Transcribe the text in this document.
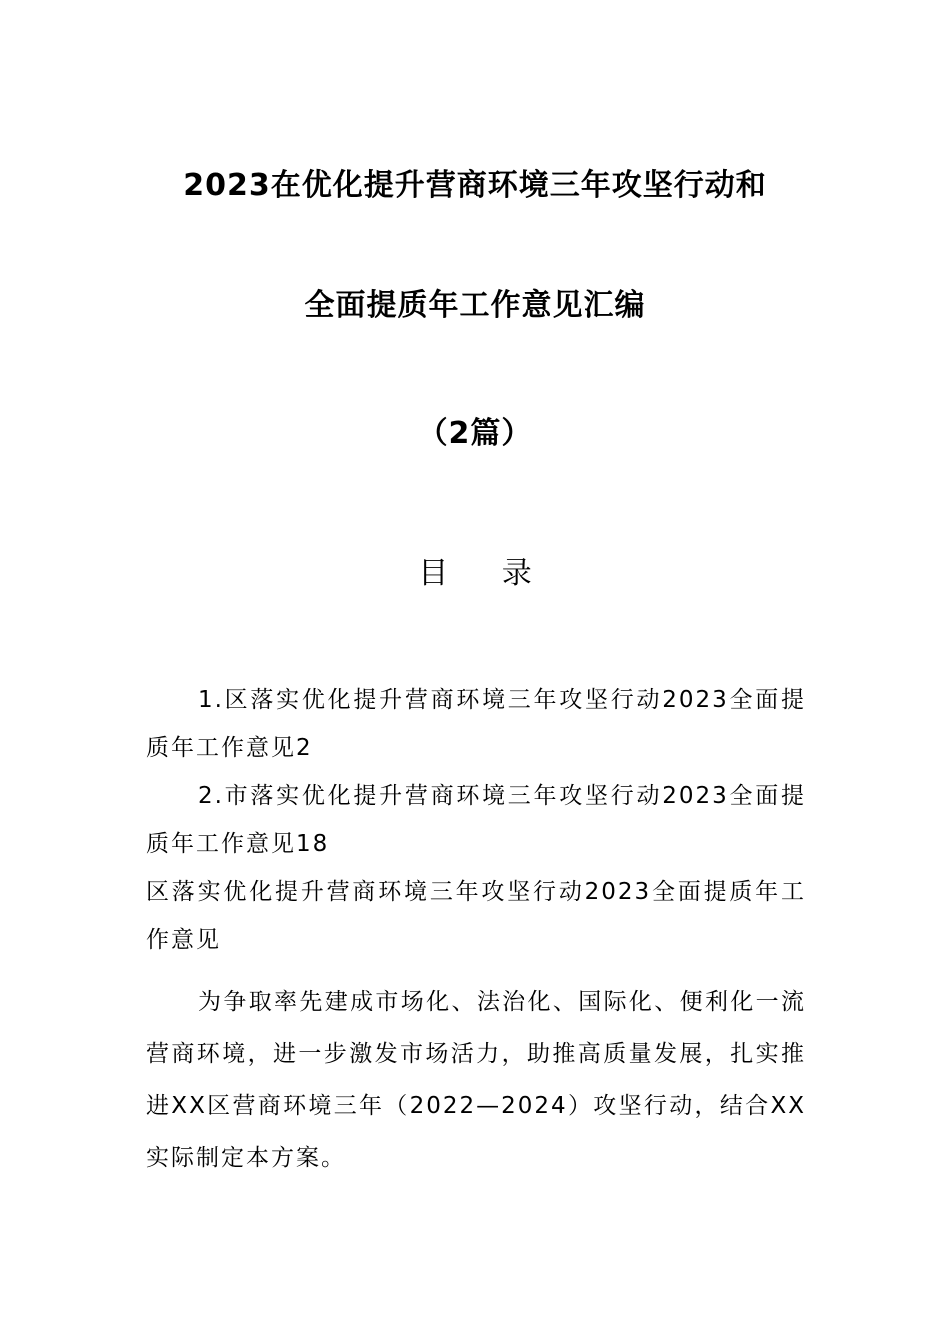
2023在优化提升营商环境三年攻坚行动和
全面提质年工作意见汇编
（2篇）
目 录

1.区落实优化提升营商环境三年攻坚行动2023全面提质年工作意见2

2.市落实优化提升营商环境三年攻坚行动2023全面提质年工作意见18

区落实优化提升营商环境三年攻坚行动2023全面提质年工作意见

为争取率先建成市场化、法治化、国际化、便利化一流营商环境，进一步激发市场活力，助推高质量发展，扎实推进XX区营商环境三年（2022—2024）攻坚行动，结合XX实际制定本方案。
